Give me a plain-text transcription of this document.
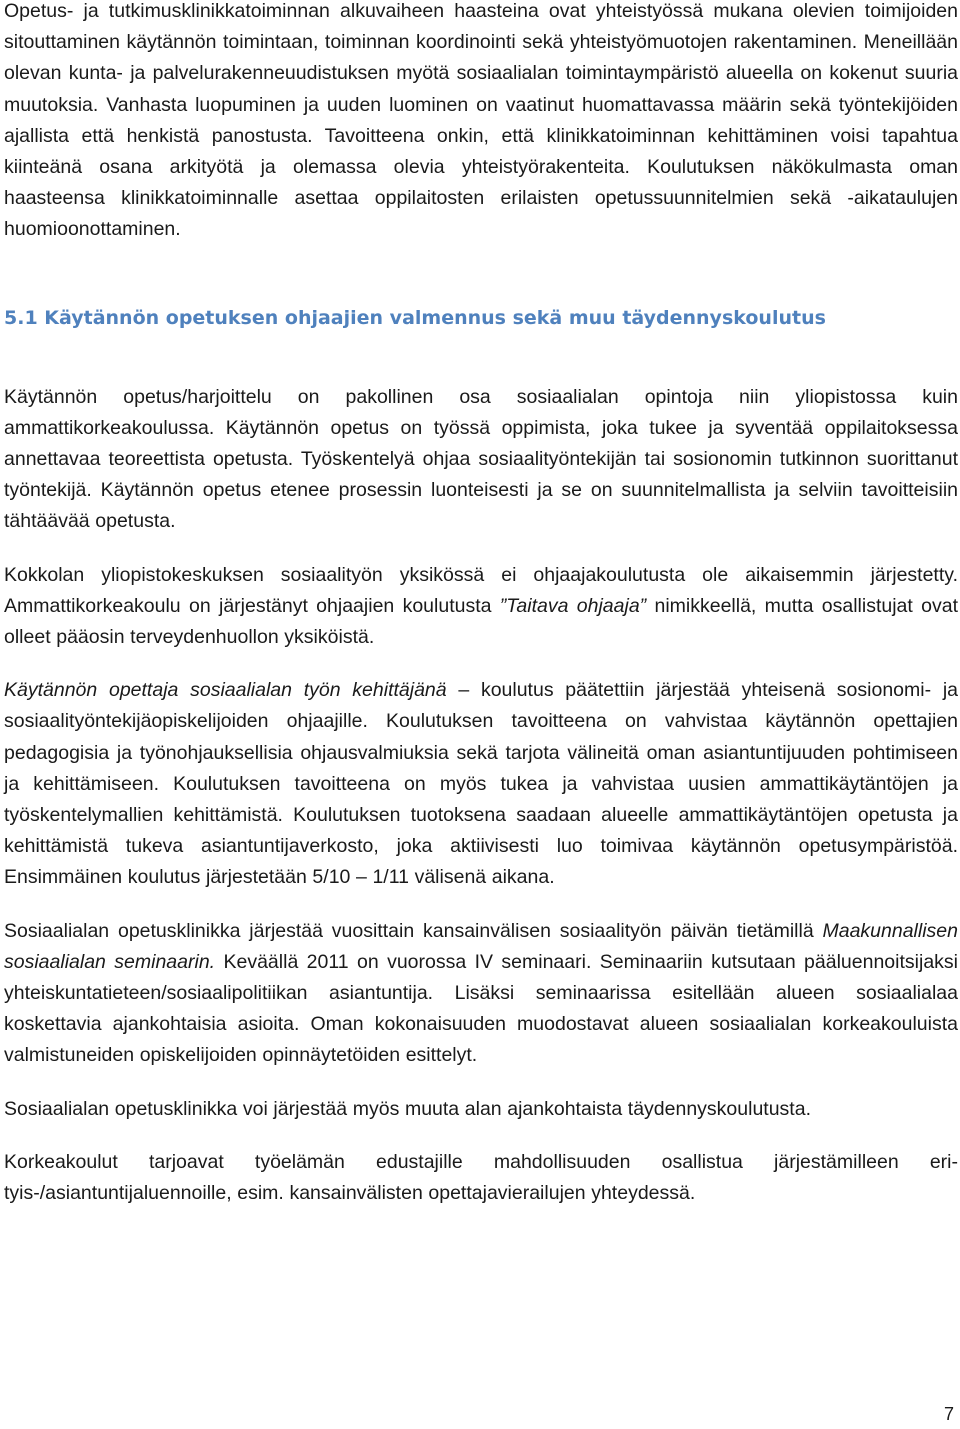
Opetus- ja tutkimusklinikkatoiminnan alkuvaiheen haasteina ovat yhteistyössä mukana olevien toimijoiden sitouttaminen käytännön toimintaan, toiminnan koordinointi sekä yhteistyömuotojen rakentaminen. Meneillään olevan kunta- ja palvelurakenneuudistuksen myötä sosiaalialan toimintaympäristö alueella on kokenut suuria muutoksia. Vanhasta luopuminen ja uuden luominen on vaatinut huomattavassa määrin sekä työntekijöiden ajallista että henkistä panostusta. Tavoitteena onkin, että klinikkatoiminnan kehittäminen voisi tapahtua kiinteänä osana arkityötä ja olemassa olevia yhteistyörakenteita. Koulutuksen näkökulmasta oman haasteensa klinikkatoiminnalle asettaa oppilaitosten erilaisten opetussuunnitelmien sekä -aikataulujen huomioonottaminen.

5.1 Käytännön opetuksen ohjaajien valmennus sekä muu täydennyskoulutus

Käytännön opetus/harjoittelu on pakollinen osa sosiaalialan opintoja niin yliopistossa kuin ammattikorkeakoulussa. Käytännön opetus on työssä oppimista, joka tukee ja syventää oppilaitoksessa annettavaa teoreettista opetusta. Työskentelyä ohjaa sosiaalityöntekijän tai sosionomin tutkinnon suorittanut työntekijä. Käytännön opetus etenee prosessin luonteisesti ja se on suunnitelmallista ja selviin tavoitteisiin tähtäävää opetusta.

Kokkolan yliopistokeskuksen sosiaalityön yksikössä ei ohjaajakoulutusta ole aikaisemmin järjestetty. Ammattikorkeakoulu on järjestänyt ohjaajien koulutusta ”Taitava ohjaaja” nimikkeellä, mutta osallistujat ovat olleet pääosin terveydenhuollon yksiköistä.

Käytännön opettaja sosiaalialan työn kehittäjänä – koulutus päätettiin järjestää yhteisenä sosionomi- ja sosiaalityöntekijäopiskelijoiden ohjaajille. Koulutuksen tavoitteena on vahvistaa käytännön opettajien pedagogisia ja työnohjauksellisia ohjausvalmiuksia sekä tarjota välineitä oman asiantuntijuuden pohtimiseen ja kehittämiseen. Koulutuksen tavoitteena on myös tukea ja vahvistaa uusien ammattikäytäntöjen ja työskentelymallien kehittämistä. Koulutuksen tuotoksena saadaan alueelle ammattikäytäntöjen opetusta ja kehittämistä tukeva asiantuntijaverkosto, joka aktiivisesti luo toimivaa käytännön opetusympäristöä. Ensimmäinen koulutus järjestetään 5/10 – 1/11 välisenä aikana.

Sosiaalialan opetusklinikka järjestää vuosittain kansainvälisen sosiaalityön päivän tietämillä Maakunnallisen sosiaalialan seminaarin. Keväällä 2011 on vuorossa IV seminaari. Seminaariin kutsutaan pääluennoitsijaksi yhteiskuntatieteen/sosiaalipolitiikan asiantuntija. Lisäksi seminaarissa esitellään alueen sosiaalialaa koskettavia ajankohtaisia asioita. Oman kokonaisuuden muodostavat alueen sosiaalialan korkeakouluista valmistuneiden opiskelijoiden opinnäytetöiden esittelyt.

Sosiaalialan opetusklinikka voi järjestää myös muuta alan ajankohtaista täydennyskoulutusta.

Korkeakoulut tarjoavat työelämän edustajille mahdollisuuden osallistua järjestämilleen erityis-/asiantuntijaluennoille, esim. kansainvälisten opettajavierailujen yhteydessä.

7
